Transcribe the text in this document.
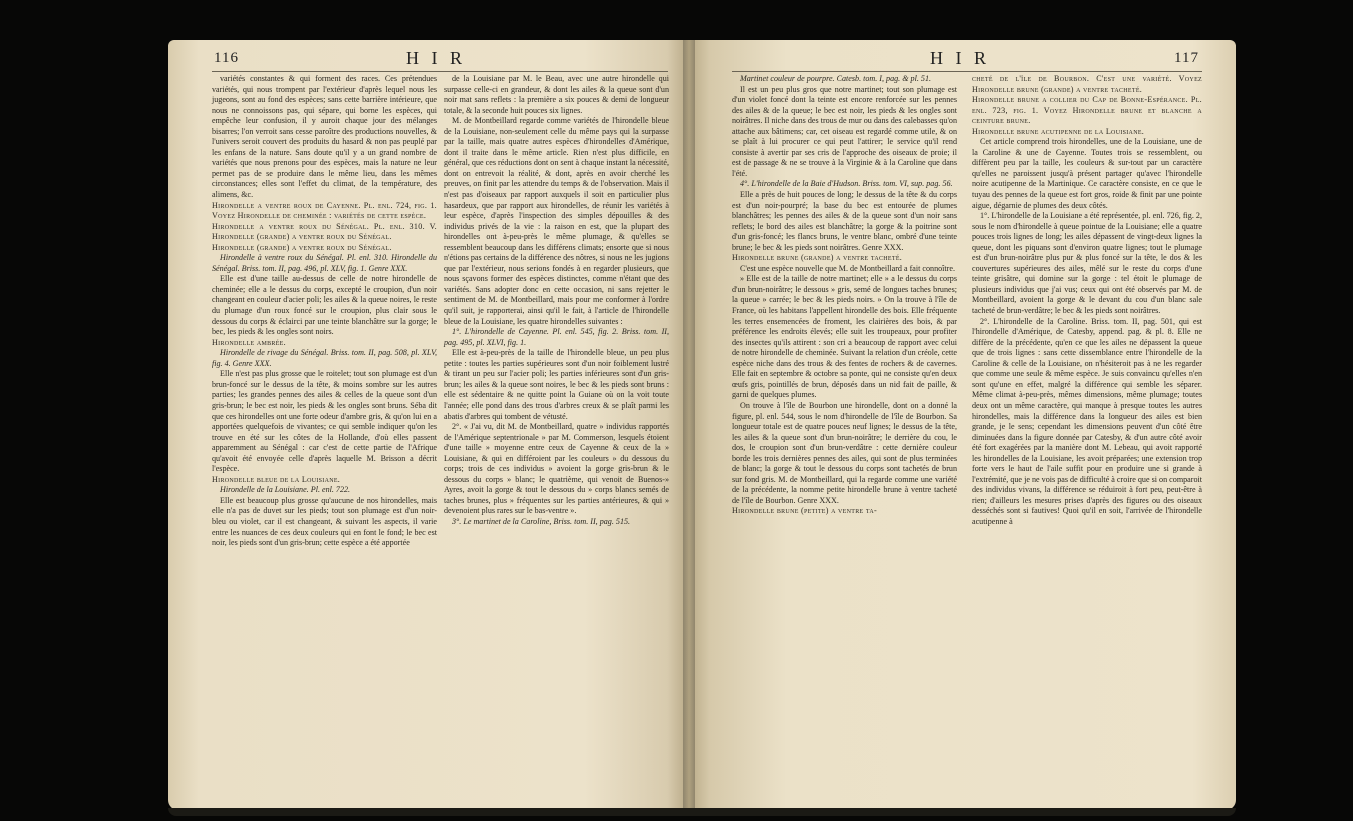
116	H I R

variétés constantes & qui forment des races. Ces prétendues variétés, qui nous trompent par l'extérieur d'après lequel nous les jugeons, sont au fond des espèces; sans cette barrière intérieure, que nous ne connoissons pas, qui sépare, qui borne les espèces, qui empêche leur confusion, il y auroit chaque jour des mélanges bisarres; l'on verroit sans cesse paroître des productions nouvelles, & l'univers seroit couvert des produits du hasard & non pas peuplé par les enfans de la nature. Sans doute qu'il y a un grand nombre de variétés que nous prenons pour des espèces, mais la nature ne leur permet pas de se produire dans le même lieu, dans les mêmes circonstances; elles sont l'effet du climat, de la température, des alimens, &c.

Hirondelle a ventre roux de Cayenne. Pl. enl. 724, fig. 1. Voyez Hirondelle de cheminée : variétés de cette espèce.

Hirondelle a ventre roux du Sénégal. Pl. enl. 310. V. Hirondelle (grande) a ventre roux du Sénégal.

Hirondelle (grande) a ventre roux du Sénégal.

Hirondelle à ventre roux du Sénégal. Pl. enl. 310. Hirondelle du Sénégal. Briss. tom. II, pag. 496, pl. XLV, fig. 1. Genre XXX.

Elle est d'une taille au-dessus de celle de notre hirondelle de cheminée; elle a le dessus du corps, excepté le croupion, d'un noir changeant en couleur d'acier poli; les ailes & la queue noires, le reste du plumage d'un roux foncé sur le croupion, plus clair sous le dessous du corps & éclairci par une teinte blanchâtre sur la gorge; le bec, les pieds & les ongles sont noirs.

Hirondelle ambrée.

Hirondelle de rivage du Sénégal. Briss. tom. II, pag. 508, pl. XLV, fig. 4. Genre XXX.

Elle n'est pas plus grosse que le roitelet; tout son plumage est d'un brun-foncé sur le dessus de la tête, & moins sombre sur les autres parties; les grandes pennes des ailes & celles de la queue sont d'un gris-brun; le bec est noir, les pieds & les ongles sont bruns. Séba dit que ces hirondelles ont une forte odeur d'ambre gris, & qu'on lui en a apportées quelquefois de vivantes; ce qui semble indiquer qu'on les trouve en été sur les côtes de la Hollande, d'où elles passent apparemment au Sénégal : car c'est de cette partie de l'Afrique qu'avoit été envoyée celle d'après laquelle M. Brisson a décrit l'espèce.

Hirondelle bleue de la Louisiane.

Hirondelle de la Louisiane. Pl. enl. 722.

Elle est beaucoup plus grosse qu'aucune de nos hirondelles, mais elle n'a pas de duvet sur les pieds; tout son plumage est d'un noir-bleu ou violet, car il est changeant, & suivant les aspects, il varie entre les nuances de ces deux couleurs qui en font le fond; le bec est noir, les pieds sont d'un gris-brun; cette espèce a été apportée

de la Louisiane par M. le Beau, avec une autre hirondelle qui surpasse celle-ci en grandeur, & dont les ailes & la queue sont d'un noir mat sans reflets : la première a six pouces & demi de longueur totale, & la seconde huit pouces six lignes.

M. de Montbeillard regarde comme variétés de l'hirondelle bleue de la Louisiane, non-seulement celle du même pays qui la surpasse par la taille, mais quatre autres espèces d'hirondelles d'Amérique, dont il traite dans le même article. Rien n'est plus difficile, en général, que ces réductions dont on sent à chaque instant la nécessité, dont on entrevoit la réalité, & dont, après en avoir cherché les preuves, on finit par les attendre du temps & de l'observation. Mais il n'est pas d'oiseaux par rapport auxquels il soit en particulier plus hasardeux, que par rapport aux hirondelles, de réunir les variétés à leur espèce, d'après l'inspection des simples dépouilles & des individus privés de la vie : la raison en est, que la plupart des hirondelles ont à-peu-près le même plumage, & qu'elles se ressemblent beaucoup dans les différens climats; ensorte que si nous n'étions pas certains de la différence des nôtres, si nous ne les jugions que par l'extérieur, nous serions fondés à en regarder plusieurs, que nous sçavons former des espèces distinctes, comme n'étant que des variétés. Sans adopter donc en cette occasion, ni sans rejetter le sentiment de M. de Montbeillard, mais pour me conformer à l'ordre qu'il suit, je rapporterai, ainsi qu'il le fait, à l'article de l'hirondelle bleue de la Louisiane, les quatre hirondelles suivantes :

1°. L'hirondelle de Cayenne. Pl. enl. 545, fig. 2. Briss. tom. II, pag. 495, pl. XLVI, fig. 1.

Elle est à-peu-près de la taille de l'hirondelle bleue, un peu plus petite : toutes les parties supérieures sont d'un noir foiblement lustré & tirant un peu sur l'acier poli; les parties inférieures sont d'un gris-brun; les ailes & la queue sont noires, le bec & les pieds sont bruns : elle est sédentaire & ne quitte point la Guiane où on la voit toute l'année; elle pond dans des trous d'arbres creux & se plaît parmi les abatis d'arbres qui tombent de vétusté.

2°. « J'ai vu, dit M. de Montbeillard, quatre » individus rapportés de l'Amérique septentrionale » par M. Commerson, lesquels étoient d'une taille » moyenne entre ceux de Cayenne & ceux de la » Louisiane, & qui en différoient par les couleurs » du dessous du corps; trois de ces individus » avoient la gorge gris-brun & le dessous du corps » blanc; le quatrième, qui venoit de Buenos-» Ayres, avoit la gorge & tout le dessous du » corps blancs semés de taches brunes, plus » fréquentes sur les parties antérieures, & qui » devenoient plus rares sur le bas-ventre ».

3°. Le martinet de la Caroline, Briss. tom. II, pag. 515.

H I R	117

Martinet couleur de pourpre. Catesb. tom. I, pag. & pl. 51.

Il est un peu plus gros que notre martinet; tout son plumage est d'un violet foncé dont la teinte est encore renforcée sur les pennes des ailes & de la queue; le bec est noir, les pieds & les ongles sont noirâtres. Il niche dans des trous de mur ou dans des calebasses qu'on attache aux bâtimens; car, cet oiseau est regardé comme utile, & on se plaît à lui procurer ce qui peut l'attirer; le service qu'il rend consiste à avertir par ses cris de l'approche des oiseaux de proie; il est de passage & ne se trouve à la Virginie & à la Caroline que dans l'été.

4°. L'hirondelle de la Baie d'Hudson. Briss. tom. VI, sup. pag. 56.

Elle a près de huit pouces de long; le dessus de la tête & du corps est d'un noir-pourpré; la base du bec est entourée de plumes blanchâtres; les pennes des ailes & de la queue sont d'un noir sans reflets; le bord des ailes est blanchâtre; la gorge & la poitrine sont d'un gris-foncé; les flancs bruns, le ventre blanc, ombré d'une teinte brune; le bec & les pieds sont noirâtres. Genre XXX.

Hirondelle brune (grande) a ventre tacheté.

C'est une espèce nouvelle que M. de Montbeillard a fait connoître.

» Elle est de la taille de notre martinet; elle » a le dessus du corps d'un brun-noirâtre; le dessous » gris, semé de longues taches brunes; la queue » carrée; le bec & les pieds noirs. » On la trouve à l'île de France, où les habitans l'appellent hirondelle des bois. Elle fréquente les terres ensemencées de froment, les clairières des bois, & par préférence les endroits élevés; elle suit les troupeaux, pour profiter des insectes qu'ils attirent : son cri a beaucoup de rapport avec celui de notre hirondelle de cheminée. Suivant la relation d'un créole, cette espèce niche dans des trous & des fentes de rochers & de cavernes. Elle fait en septembre & octobre sa ponte, qui ne consiste qu'en deux œufs gris, pointillés de brun, déposés dans un nid fait de paille, & garni de quelques plumes.

On trouve à l'île de Bourbon une hirondelle, dont on a donné la figure, pl. enl. 544, sous le nom d'hirondelle de l'île de Bourbon. Sa longueur totale est de quatre pouces neuf lignes; le dessus de la tête, les ailes & la queue sont d'un brun-noirâtre; le derrière du cou, le dos, le croupion sont d'un brun-verdâtre : cette dernière couleur borde les trois dernières pennes des ailes, qui sont de plus terminées de blanc; la gorge & tout le dessous du corps sont tachetés de brun sur fond gris. M. de Montbeillard, qui la regarde comme une variété de la précédente, la nomme petite hirondelle brune à ventre tacheté de l'île de Bourbon. Genre XXX.

Hirondelle brune (petite) a ventre ta-

cheté de l'île de Bourbon. C'est une variété. Voyez Hirondelle brune (grande) a ventre tacheté.

Hirondelle brune a collier du Cap de Bonne-Espérance. Pl. enl. 723, fig. 1. Voyez Hirondelle brune et blanche a ceinture brune.

Hirondelle brune acutipenne de la Louisiane.

Cet article comprend trois hirondelles, une de la Louisiane, une de la Caroline & une de Cayenne. Toutes trois se ressemblent, ou diffèrent peu par la taille, les couleurs & sur-tout par un caractère qu'elles ne paroissent jusqu'à présent partager qu'avec l'hirondelle noire acutipenne de la Martinique. Ce caractère consiste, en ce que le tuyau des pennes de la queue est fort gros, roide & finit par une pointe aigue, dégarnie de plumes des deux côtés.

1°. L'hirondelle de la Louisiane a été représentée, pl. enl. 726, fig. 2, sous le nom d'hirondelle à queue pointue de la Louisiane; elle a quatre pouces trois lignes de long; les ailes dépassent de vingt-deux lignes la queue, dont les piquans sont d'environ quatre lignes; tout le plumage est d'un brun-noirâtre plus pur & plus foncé sur la tête, le dos & les couvertures supérieures des ailes, mêlé sur le reste du corps d'une teinte grisâtre, qui domine sur la gorge : tel étoit le plumage de plusieurs individus que j'ai vus; ceux qui ont été observés par M. de Montbeillard, avoient la gorge & le devant du cou d'un blanc sale tacheté de brun-verdâtre; le bec & les pieds sont noirâtres.

2°. L'hirondelle de la Caroline. Briss. tom. II, pag. 501, qui est l'hirondelle d'Amérique, de Catesby, append. pag. & pl. 8. Elle ne diffère de la précédente, qu'en ce que les ailes ne dépassent la queue que de trois lignes : sans cette dissemblance entre l'hirondelle de la Caroline & celle de la Louisiane, on n'hésiteroit pas à ne les regarder que comme une seule & même espèce. Je suis convaincu qu'elles n'en sont qu'une en effet, malgré la différence qui semble les séparer. Même climat à-peu-près, mêmes dimensions, même plumage; toutes deux ont un même caractère, qui manque à presque toutes les autres hirondelles, mais la différence dans la longueur des ailes est bien grande, je le sens; cependant les dimensions peuvent d'un côté être diminuées dans la figure donnée par Catesby, & d'un autre côté avoir été fort exagérées par la manière dont M. Lebeau, qui avoit rapporté les hirondelles de la Louisiane, les avoit préparées; une extension trop forte vers le haut de l'aile suffit pour en produire une si grande à l'extrémité, que je ne vois pas de difficulté à croire que si on comparoit des individus vivans, la différence se réduiroit à fort peu, peut-être à rien; d'ailleurs les mesures prises d'après des figures ou des oiseaux desséchés sont si fautives! Quoi qu'il en soit, l'arrivée de l'hirondelle acutipenne à
